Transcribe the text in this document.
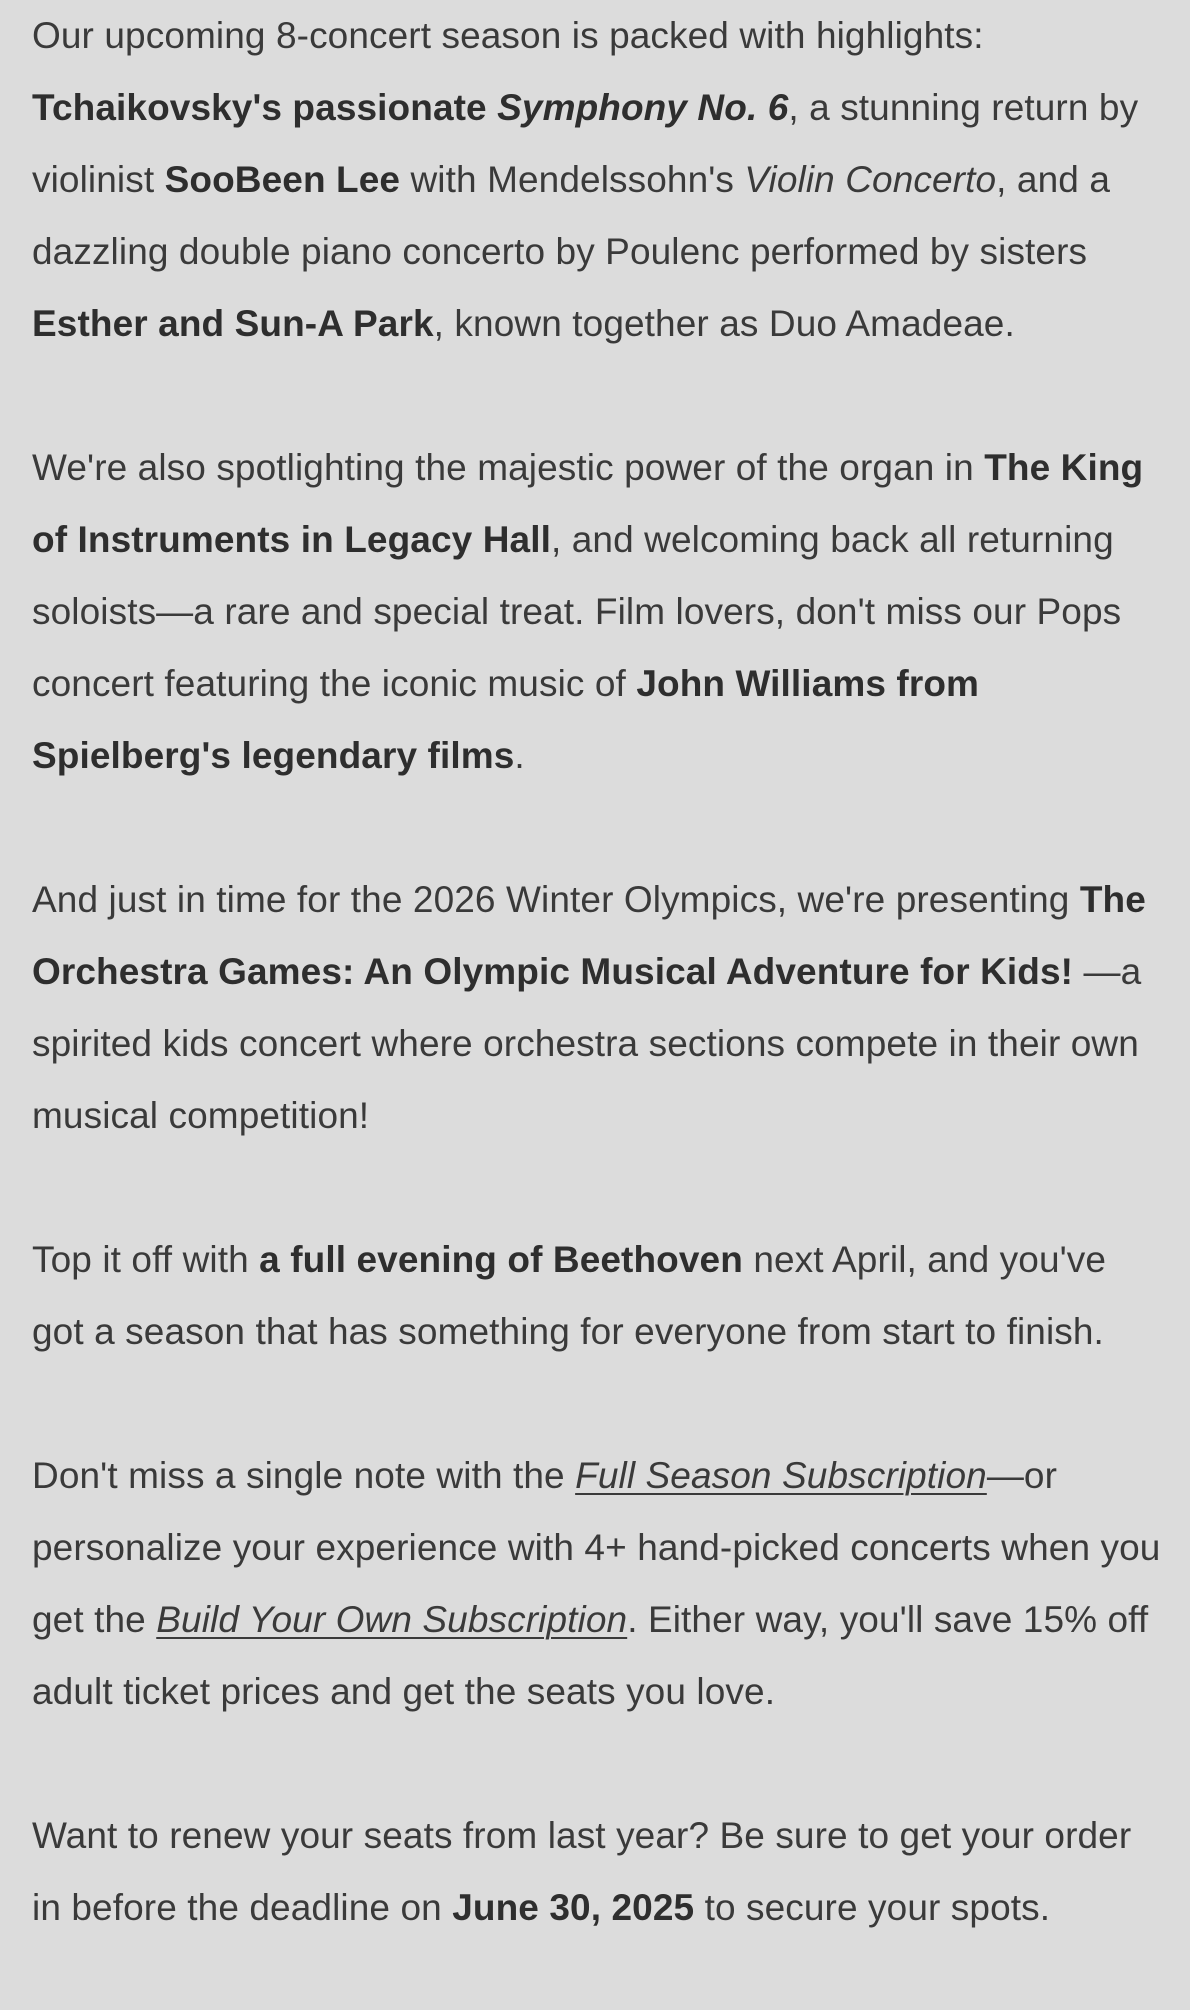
Our upcoming 8-concert season is packed with highlights: Tchaikovsky's passionate Symphony No. 6, a stunning return by violinist SooBeen Lee with Mendelssohn's Violin Concerto, and a dazzling double piano concerto by Poulenc performed by sisters Esther and Sun-A Park, known together as Duo Amadeae.

We're also spotlighting the majestic power of the organ in The King of Instruments in Legacy Hall, and welcoming back all returning soloists—a rare and special treat. Film lovers, don't miss our Pops concert featuring the iconic music of John Williams from Spielberg's legendary films.

And just in time for the 2026 Winter Olympics, we're presenting The Orchestra Games: An Olympic Musical Adventure for Kids! —a spirited kids concert where orchestra sections compete in their own musical competition!

Top it off with a full evening of Beethoven next April, and you've got a season that has something for everyone from start to finish.

Don't miss a single note with the Full Season Subscription—or personalize your experience with 4+ hand-picked concerts when you get the Build Your Own Subscription. Either way, you'll save 15% off adult ticket prices and get the seats you love.

Want to renew your seats from last year? Be sure to get your order in before the deadline on June 30, 2025 to secure your spots.
